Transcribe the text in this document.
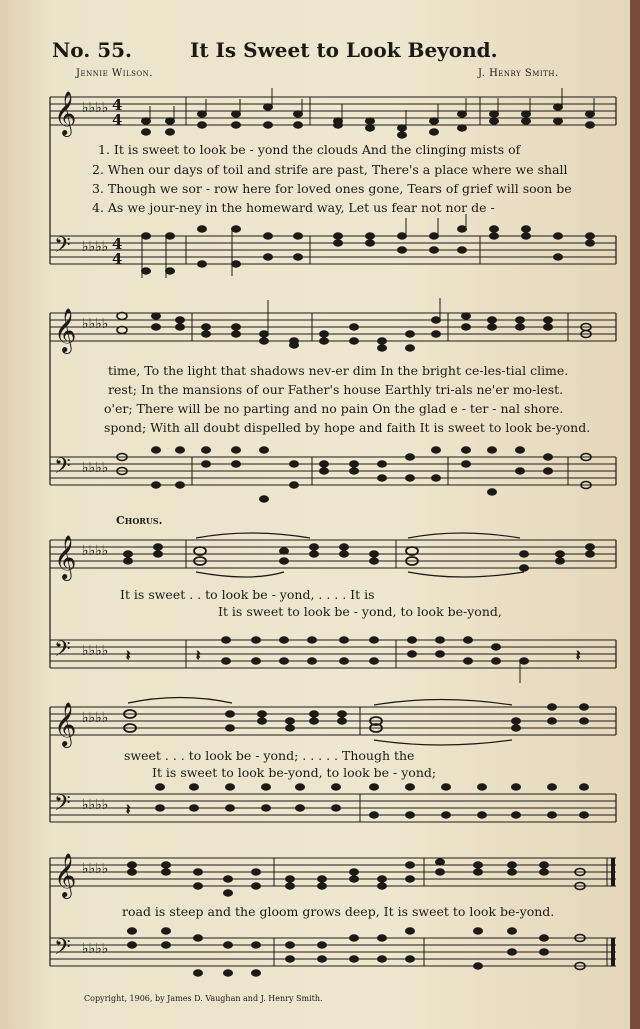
No. 55.	It Is Sweet to Look Beyond.
Jennie Wilson.	J. Henry Smith.
𝄞
𝄢
𝄞
𝄢
𝄞
𝄢
𝄞
𝄢
𝄞
𝄢
♭♭♭♭
♭♭♭♭
♭♭♭♭
♭♭♭♭
♭♭♭♭
♭♭♭♭
♭♭♭♭
♭♭♭♭
♭♭♭♭
♭♭♭♭
4
4
4
4
𝄽	𝄽	𝄽
𝄽
1. It is sweet to look be - yond the clouds And the clinging mists of
2. When our days of toil and strife are past, There's a place where we shall
3. Though we sor - row here for loved ones gone, Tears of grief will soon be
4. As we jour-ney in the homeward way, Let us fear not nor de -
time, To the light that shadows nev-er dim In the bright ce-les-tial clime.
rest; In the mansions of our Father's house Earthly tri-als ne'er mo-lest.
o'er; There will be no parting and no pain On the glad e - ter - nal shore.
spond; With all doubt dispelled by hope and faith It is sweet to look be-yond.
Chorus.
It is sweet . . to look be - yond, . . . . It is
It is sweet to look be - yond, to look be-yond,
sweet . . . to look be - yond; . . . . . Though the
It is sweet to look be-yond, to look be - yond;
road is steep and the gloom grows deep, It is sweet to look be-yond.
Copyright, 1906, by James D. Vaughan and J. Henry Smith.
